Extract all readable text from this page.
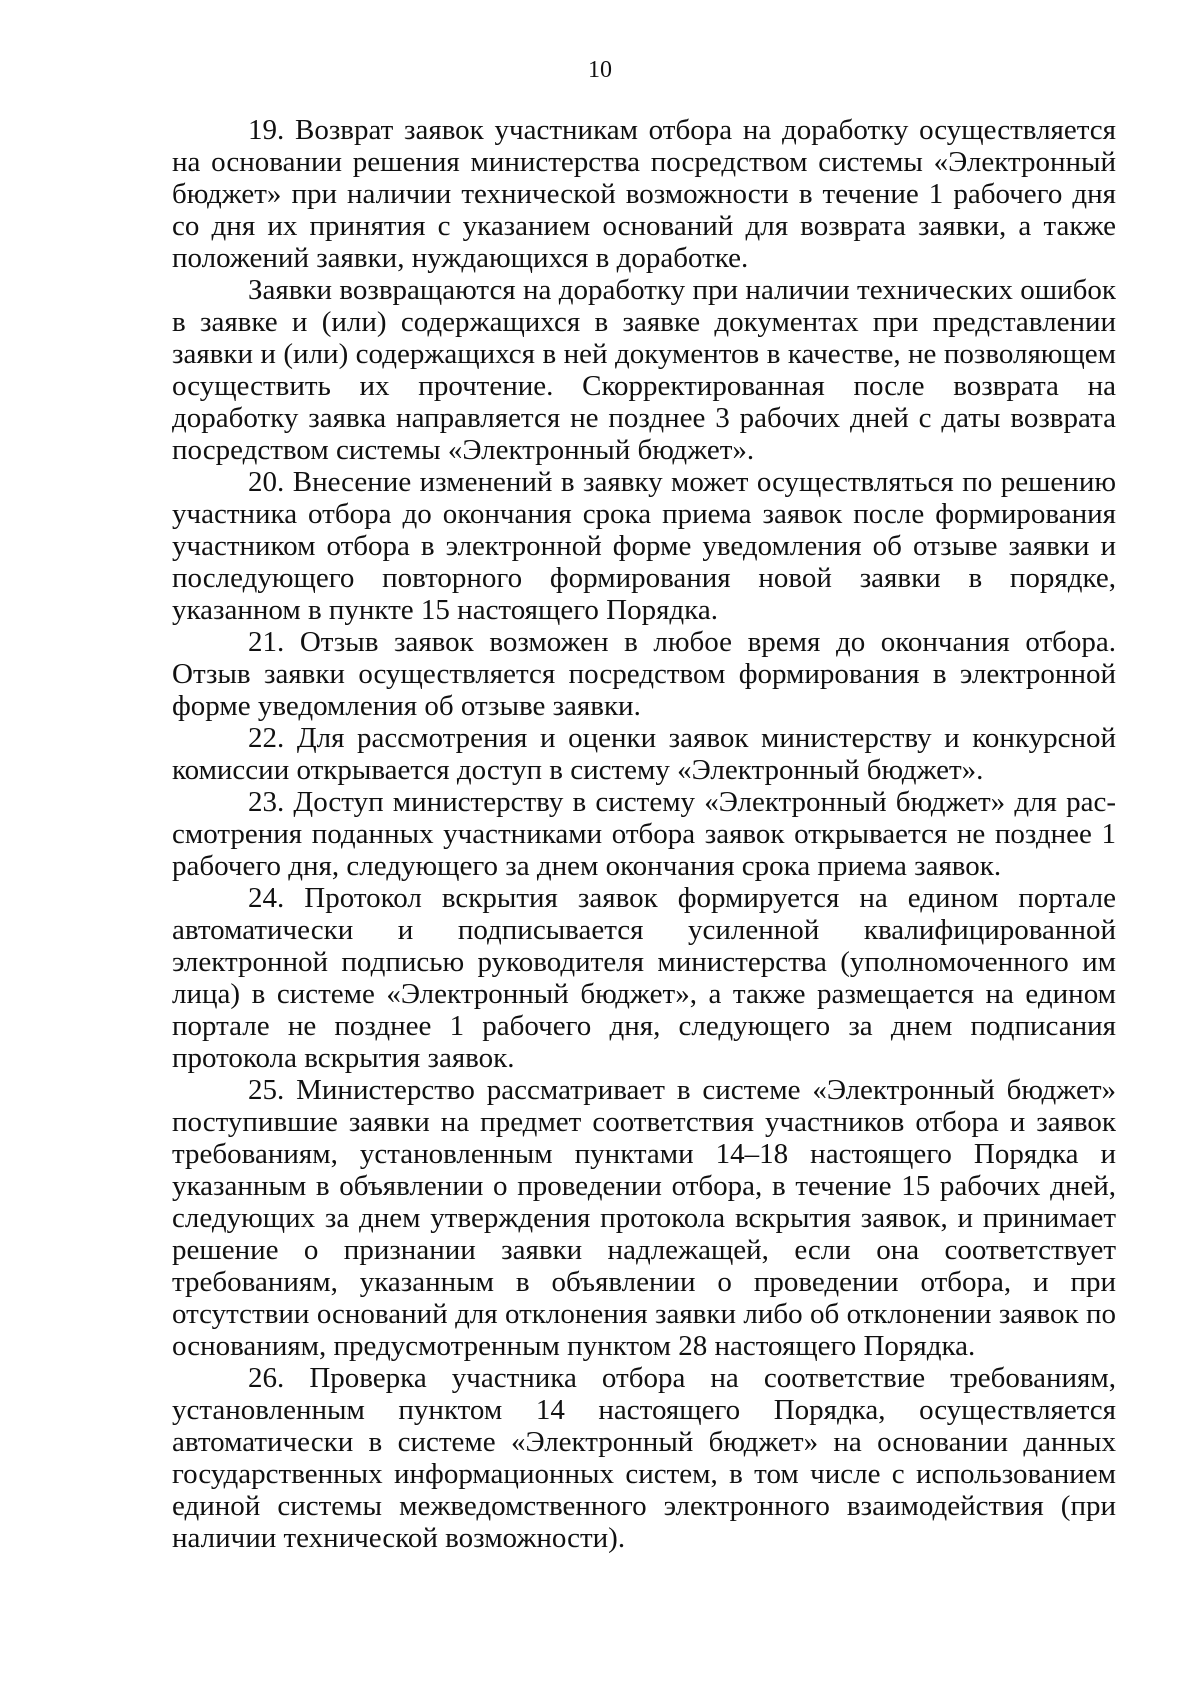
10

19. Возврат заявок участникам отбора на доработку осуществляется на основании решения министерства посредством системы «Электронный бюджет» при наличии технической возможности в течение 1 рабочего дня со дня их принятия с указанием оснований для возврата заявки, а также положений заявки, нуждающихся в доработке.

Заявки возвращаются на доработку при наличии технических ошибок в заявке и (или) содержащихся в заявке документах при представлении заявки и (или) содержащихся в ней документов в качестве, не позволяющем осуществить их прочтение. Скорректированная после возврата на доработку заявка направляется не позднее 3 рабочих дней с даты возврата посредством системы «Электронный бюджет».

20. Внесение изменений в заявку может осуществляться по решению участника отбора до окончания срока приема заявок после формирования участником отбора в электронной форме уведомления об отзыве заявки и последующего повторного формирования новой заявки в порядке, указанном в пункте 15 настоящего Порядка.

21. Отзыв заявок возможен в любое время до окончания отбора. Отзыв заявки осуществляется посредством формирования в электронной форме уведомления об отзыве заявки.

22. Для рассмотрения и оценки заявок министерству и конкурсной комиссии открывается доступ в систему «Электронный бюджет».

23. Доступ министерству в систему «Электронный бюджет» для рассмотрения поданных участниками отбора заявок открывается не позднее 1 рабочего дня, следующего за днем окончания срока приема заявок.

24. Протокол вскрытия заявок формируется на едином портале автоматически и подписывается усиленной квалифицированной электронной подписью руководителя министерства (уполномоченного им лица) в системе «Электронный бюджет», а также размещается на едином портале не позднее 1 рабочего дня, следующего за днем подписания протокола вскрытия заявок.

25. Министерство рассматривает в системе «Электронный бюджет» поступившие заявки на предмет соответствия участников отбора и заявок требованиям, установленным пунктами 14–18 настоящего Порядка и указанным в объявлении о проведении отбора, в течение 15 рабочих дней, следующих за днем утверждения протокола вскрытия заявок, и принимает решение о признании заявки надлежащей, если она соответствует требованиям, указанным в объявлении о проведении отбора, и при отсутствии оснований для отклонения заявки либо об отклонении заявок по основаниям, предусмотренным пунктом 28 настоящего Порядка.

26. Проверка участника отбора на соответствие требованиям, установленным пунктом 14 настоящего Порядка, осуществляется автоматически в системе «Электронный бюджет» на основании данных государственных информационных систем, в том числе с использованием единой системы межведомственного электронного взаимодействия (при наличии технической возможности).
